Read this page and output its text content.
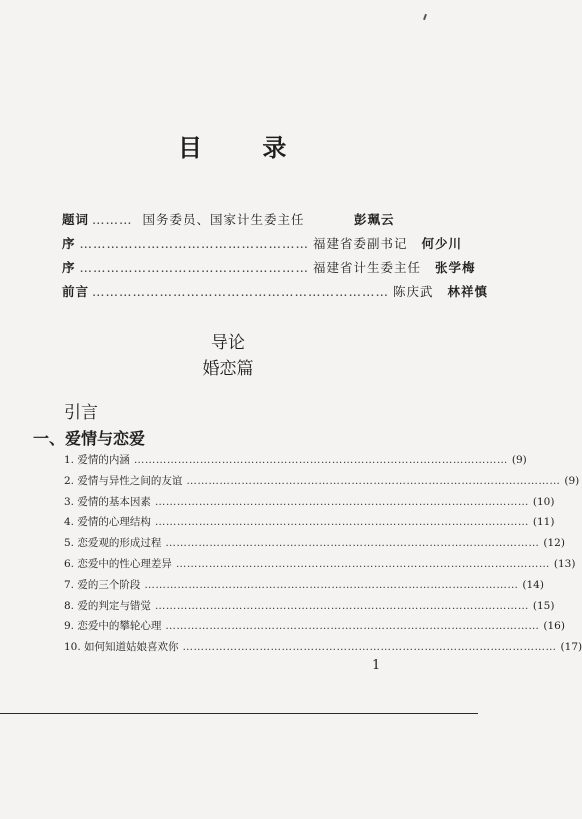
目 录
题词 ……… 国务委员、国家计生委主任	彭珮云
序 …………………………………………… 福建省委副书记 何少川
序 …………………………………………… 福建省计生委主任 张学梅
前言 ………………………………………………………… 陈庆武 林祥慎
导论
婚恋篇
引言
一、爱情与恋爱
1. 爱情的内涵 ………………………………………………………………………………………… (9)
2. 爱情与异性之间的友谊 ………………………………………………………………………………………… (9)
3. 爱情的基本因素 ………………………………………………………………………………………… (10)
4. 爱情的心理结构 ………………………………………………………………………………………… (11)
5. 恋爱观的形成过程 ………………………………………………………………………………………… (12)
6. 恋爱中的性心理差异 ………………………………………………………………………………………… (13)
7. 爱的三个阶段 ………………………………………………………………………………………… (14)
8. 爱的判定与错觉 ………………………………………………………………………………………… (15)
9. 恋爱中的攀轮心理 ………………………………………………………………………………………… (16)
10. 如何知道姑娘喜欢你 ………………………………………………………………………………………… (17)
1
